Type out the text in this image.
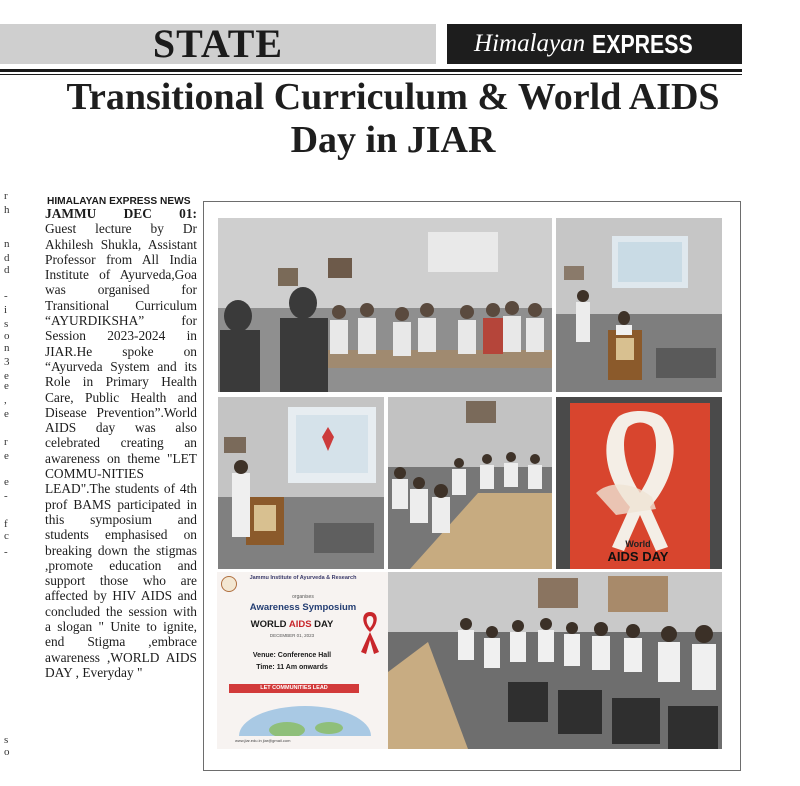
STATE	Himalayan EXPRESS
Transitional Curriculum & World AIDS
Day in JIAR
r
h
n
d
d
-
i
s
o
n
3
e
e
,
e
r
e
e
-
f
c
-
s
o
HIMALAYAN EXPRESS NEWS
JAMMU DEC 01: Guest lecture by Dr Akhilesh Shukla, Assistant Professor from All India Institute of Ayurveda,Goa was organised for Transitional Curriculum “AYURDIKSHA” for Session 2023-2024 in JIAR.He spoke on “Ayurveda System and its Role in Primary Health Care, Public Health and Disease Prevention”.World AIDS day was also celebrated creating an awareness on theme "LET COMMU-NITIES LEAD".The students of 4th prof BAMS participated in this symposium and students emphasised on breaking down the stigmas ,promote education and support those who are affected by HIV AIDS and concluded the session with a slogan " Unite to ignite, end Stigma ,embrace awareness ,WORLD AIDS DAY , Everyday "
World
AIDS DAY
Jammu Institute of Ayurveda & Research
organises
Awareness Symposium
WORLD AIDS DAY
DECEMBER 01, 2023
Venue: Conference Hall
Time: 11 Am onwards
LET COMMUNITIES LEAD
www.jiar.edu.in jiar@gmail.com
